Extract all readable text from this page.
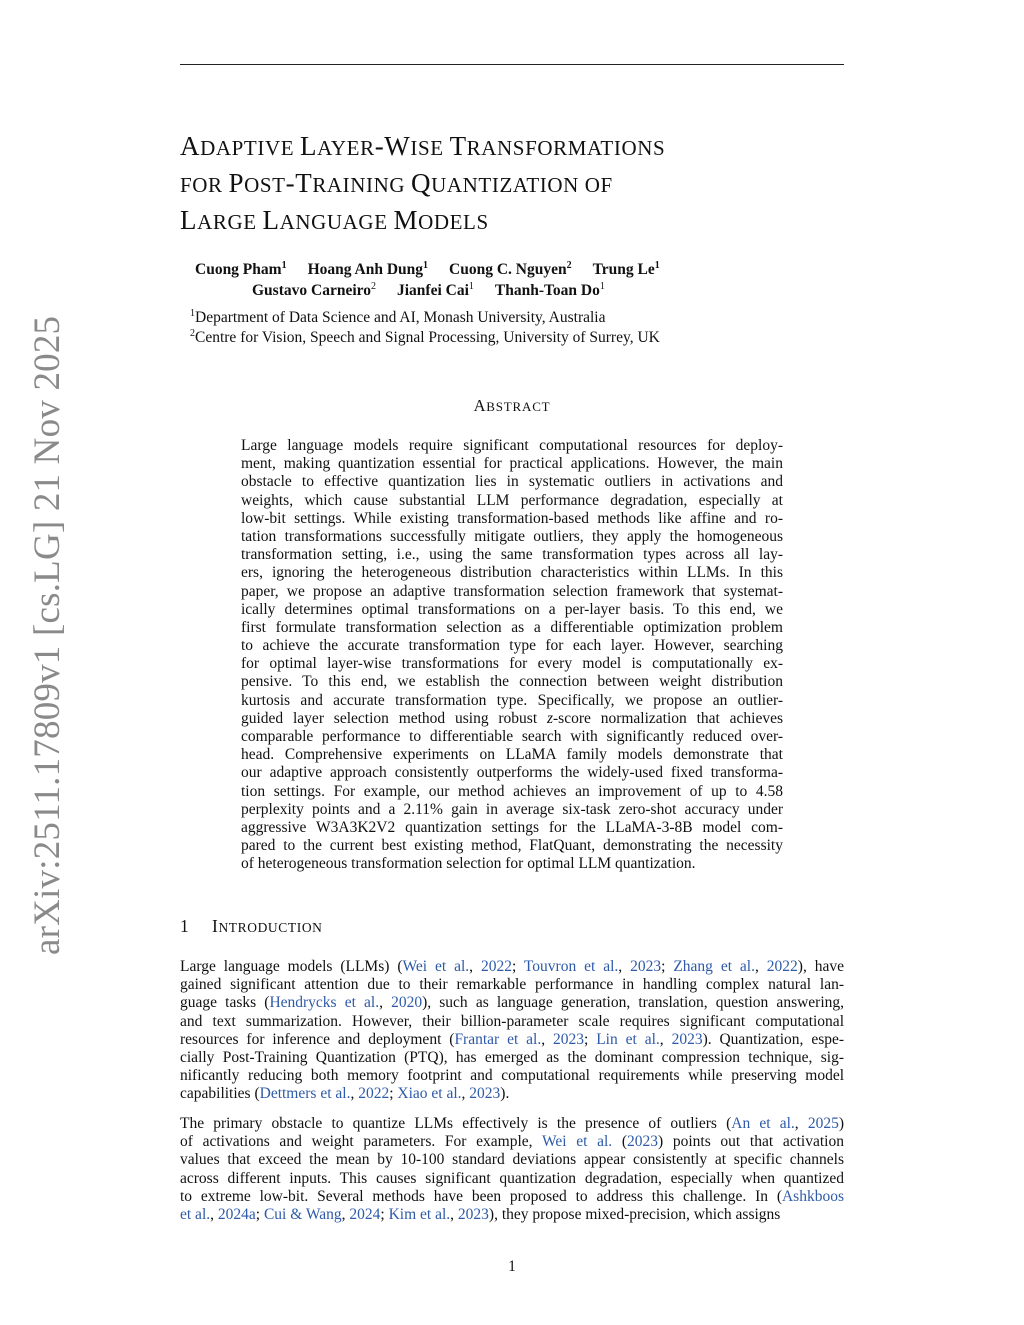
arXiv:2511.17809v1 [cs.LG] 21 Nov 2025
ADAPTIVE LAYER-WISE TRANSFORMATIONS
FOR POST-TRAINING QUANTIZATION OF
LARGE LANGUAGE MODELS
Cuong Pham$^1$ Hoang Anh Dung$^1$ Cuong C. Nguyen$^2$ Trung Le$^1$
Gustavo Carneiro$^2$ Jianfei Cai$^1$ Thanh-Toan Do$^1$
$^1$Department of Data Science and AI, Monash University, Australia
$^2$Centre for Vision, Speech and Signal Processing, University of Surrey, UK
ABSTRACT
Large language models require significant computational resources for deploy-
ment, making quantization essential for practical applications. However, the main
obstacle to effective quantization lies in systematic outliers in activations and
weights, which cause substantial LLM performance degradation, especially at
low-bit settings. While existing transformation-based methods like affine and ro-
tation transformations successfully mitigate outliers, they apply the homogeneous
transformation setting, i.e., using the same transformation types across all lay-
ers, ignoring the heterogeneous distribution characteristics within LLMs. In this
paper, we propose an adaptive transformation selection framework that systemat-
ically determines optimal transformations on a per-layer basis. To this end, we
first formulate transformation selection as a differentiable optimization problem
to achieve the accurate transformation type for each layer. However, searching
for optimal layer-wise transformations for every model is computationally ex-
pensive. To this end, we establish the connection between weight distribution
kurtosis and accurate transformation type. Specifically, we propose an outlier-
guided layer selection method using robust z-score normalization that achieves
comparable performance to differentiable search with significantly reduced over-
head. Comprehensive experiments on LLaMA family models demonstrate that
our adaptive approach consistently outperforms the widely-used fixed transforma-
tion settings. For example, our method achieves an improvement of up to 4.58
perplexity points and a 2.11% gain in average six-task zero-shot accuracy under
aggressive W3A3K2V2 quantization settings for the LLaMA-3-8B model com-
pared to the current best existing method, FlatQuant, demonstrating the necessity
of heterogeneous transformation selection for optimal LLM quantization.
1 INTRODUCTION
Large language models (LLMs) (Wei et al., 2022; Touvron et al., 2023; Zhang et al., 2022), have
gained significant attention due to their remarkable performance in handling complex natural lan-
guage tasks (Hendrycks et al., 2020), such as language generation, translation, question answering,
and text summarization. However, their billion-parameter scale requires significant computational
resources for inference and deployment (Frantar et al., 2023; Lin et al., 2023). Quantization, espe-
cially Post-Training Quantization (PTQ), has emerged as the dominant compression technique, sig-
nificantly reducing both memory footprint and computational requirements while preserving model
capabilities (Dettmers et al., 2022; Xiao et al., 2023).
The primary obstacle to quantize LLMs effectively is the presence of outliers (An et al., 2025)
of activations and weight parameters. For example, Wei et al. (2023) points out that activation
values that exceed the mean by 10-100 standard deviations appear consistently at specific channels
across different inputs. This causes significant quantization degradation, especially when quantized
to extreme low-bit. Several methods have been proposed to address this challenge. In (Ashkboos
et al., 2024a; Cui & Wang, 2024; Kim et al., 2023), they propose mixed-precision, which assigns
1
